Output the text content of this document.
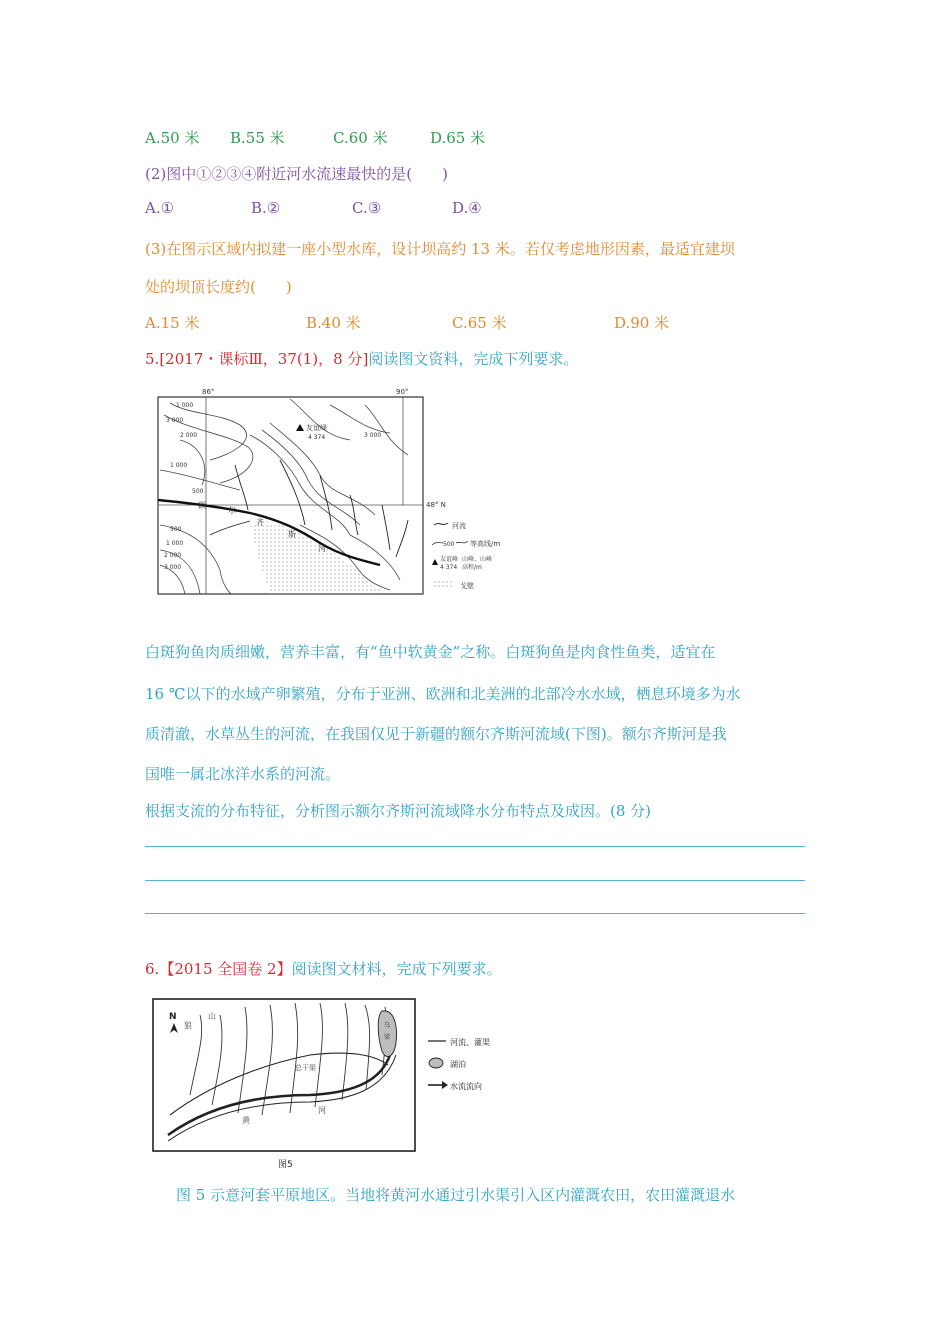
A.50 米 B.55 米	C.60 米	D.65 米
(2)图中①②③④附近河水流速最快的是(　　)
A.①	B.②	C.③	D.④
(3)在图示区域内拟建一座小型水库，设计坝高约 13 米。若仅考虑地形因素，最适宜建坝
处的坝顶长度约(　　)
A.15 米	B.40 米	C.65 米	D.90 米
5.[2017・课标Ⅲ，37(1)，8 分]阅读图文资料，完成下列要求。
86°	90°
48° N
额
尔
齐
斯
河
1 000
3 000
2 000
1 000
500
500
1 000
2 000
3 000
3 000
友谊峰
4 374
河流
500 等高线/m
友谊峰
4 374
山峰、山峰
高程/m
戈壁
白斑狗鱼肉质细嫩，营养丰富，有“鱼中软黄金”之称。白斑狗鱼是肉食性鱼类，适宜在
16 ℃以下的水域产卵繁殖，分布于亚洲、欧洲和北美洲的北部冷水水域，栖息环境多为水
质清澈，水草丛生的河流，在我国仅见于新疆的额尔齐斯河流域(下图)。额尔齐斯河是我
国唯一属北冰洋水系的河流。
根据支流的分布特征，分析图示额尔齐斯河流域降水分布特点及成因。(8 分)
6.【2015 全国卷 2】阅读图文材料，完成下列要求。
N
狼
山
总干渠
黄
河
乌
梁
河流、灌渠
湖泊
水流流向
图5
图 5 示意河套平原地区。当地将黄河水通过引水渠引入区内灌溉农田，农田灌溉退水
